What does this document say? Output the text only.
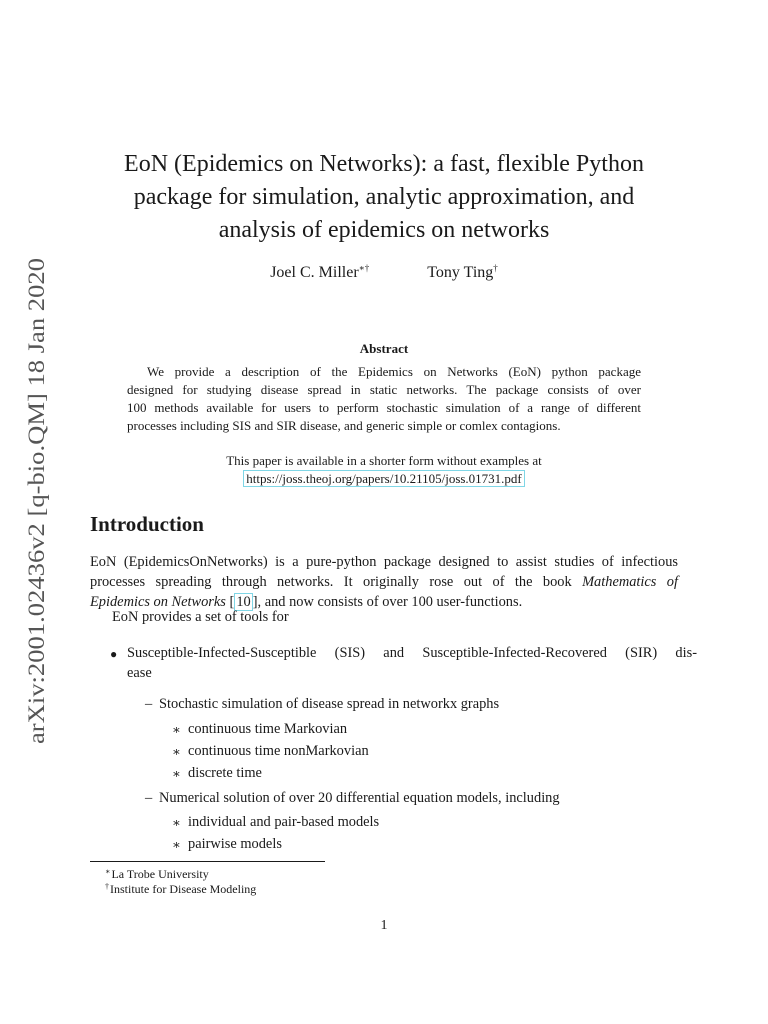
arXiv:2001.02436v2 [q-bio.QM] 18 Jan 2020
EoN (Epidemics on Networks): a fast, flexible Python
package for simulation, analytic approximation, and
analysis of epidemics on networks
Joel C. Miller∗†	Tony Ting†
Abstract

We provide a description of the Epidemics on Networks (EoN) python package
designed for studying disease spread in static networks. The package consists of over
100 methods available for users to perform stochastic simulation of a range of different
processes including SIS and SIR disease, and generic simple or comlex contagions.

This paper is available in a shorter form without examples at
https://joss.theoj.org/papers/10.21105/joss.01731.pdf

Introduction

EoN (EpidemicsOnNetworks) is a pure-python package designed to assist studies of infectious
processes spreading through networks. It originally rose out of the book Mathematics of
Epidemics on Networks [ 10 ], and now consists of over 100 user-functions.

EoN provides a set of tools for

● Susceptible-Infected-Susceptible (SIS) and Susceptible-Infected-Recovered (SIR) dis-
ease
– Stochastic simulation of disease spread in networkx graphs
∗ continuous time Markovian
∗ continuous time nonMarkovian
∗ discrete time
– Numerical solution of over 20 differential equation models, including
∗ individual and pair-based models
∗ pairwise models

∗La Trobe University

†Institute for Disease Modeling

1
